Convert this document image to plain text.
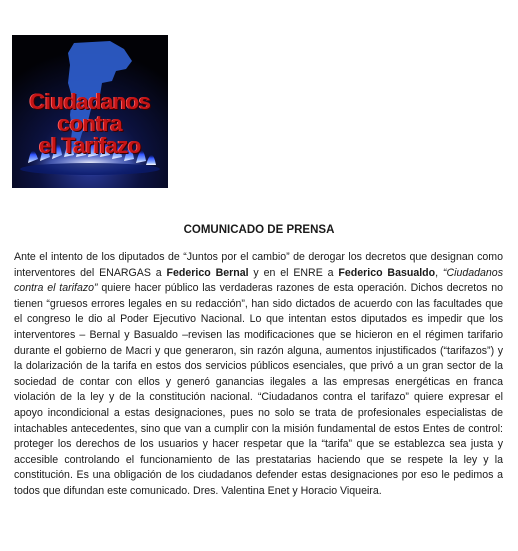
Ciudadanos
contra
el Tarifazo
COMUNICADO DE PRENSA

Ante el intento de los diputados de “Juntos por el cambio” de derogar los decretos que designan como interventores del ENARGAS a Federico Bernal y en el ENRE a Federico Basualdo, “Ciudadanos contra el tarifazo” quiere hacer público las verdaderas razones de esta operación. Dichos decretos no tienen “gruesos errores legales en su redacción”, han sido dictados de acuerdo con las facultades que el congreso le dio al Poder Ejecutivo Nacional. Lo que intentan estos diputados es impedir que los interventores – Bernal y Basualdo –revisen las modificaciones que se hicieron en el régimen tarifario durante el gobierno de Macri y que generaron, sin razón alguna, aumentos injustificados (“tarifazos”) y la dolarización de la tarifa en estos dos servicios públicos esenciales, que privó a un gran sector de la sociedad de contar con ellos y generó ganancias ilegales a las empresas energéticas en franca violación de la ley y de la constitución nacional. “Ciudadanos contra el tarifazo” quiere expresar el apoyo incondicional a estas designaciones, pues no solo se trata de profesionales especialistas de intachables antecedentes, sino que van a cumplir con la misión fundamental de estos Entes de control: proteger los derechos de los usuarios y hacer respetar que la “tarifa” que se establezca sea justa y accesible controlando el funcionamiento de las prestatarias haciendo que se respete la ley y la constitución. Es una obligación de los ciudadanos defender estas designaciones por eso le pedimos a todos que difundan este comunicado. Dres. Valentina Enet y Horacio Viqueira.
